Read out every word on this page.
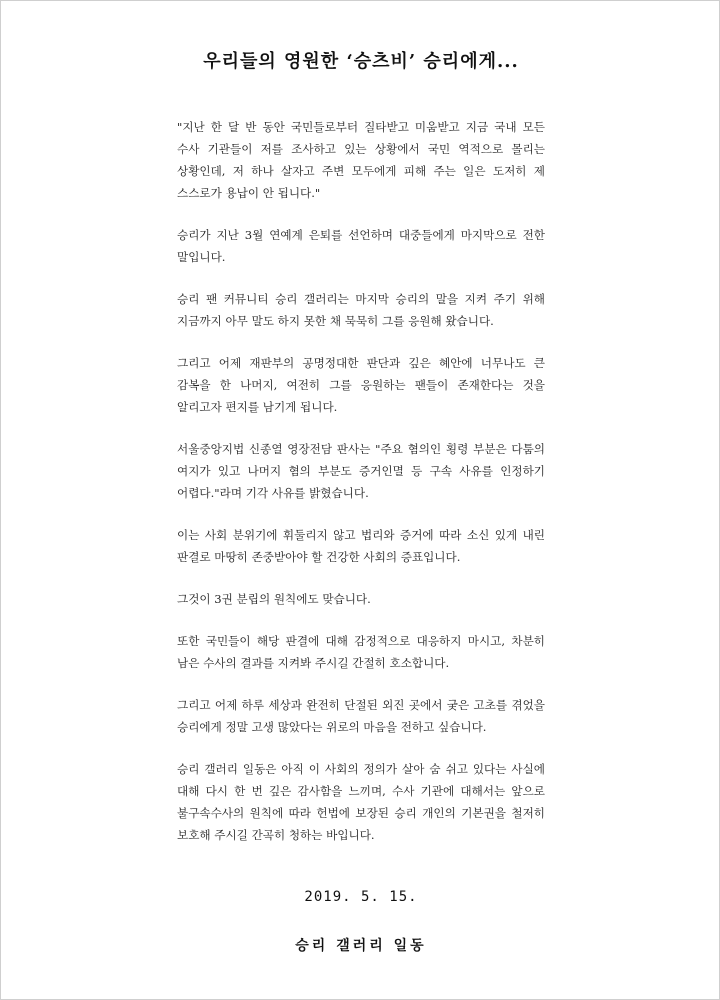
우리들의 영원한 ‘승츠비’ 승리에게...

"지난 한 달 반 동안 국민들로부터 질타받고 미움받고 지금 국내 모든 수사 기관들이 저를 조사하고 있는 상황에서 국민 역적으로 몰리는 상황인데, 저 하나 살자고 주변 모두에게 피해 주는 일은 도저히 제 스스로가 용납이 안 됩니다."

승리가 지난 3월 연예계 은퇴를 선언하며 대중들에게 마지막으로 전한 말입니다.

승리 팬 커뮤니티 승리 갤러리는 마지막 승리의 말을 지켜 주기 위해 지금까지 아무 말도 하지 못한 채 묵묵히 그를 응원해 왔습니다.

그리고 어제 재판부의 공명정대한 판단과 깊은 혜안에 너무나도 큰 감복을 한 나머지, 여전히 그를 응원하는 팬들이 존재한다는 것을 알리고자 편지를 남기게 됩니다.

서울중앙지법 신종열 영장전담 판사는 "주요 혐의인 횡령 부분은 다툼의 여지가 있고 나머지 혐의 부분도 증거인멸 등 구속 사유를 인정하기 어렵다."라며 기각 사유를 밝혔습니다.

이는 사회 분위기에 휘둘리지 않고 법리와 증거에 따라 소신 있게 내린 판결로 마땅히 존중받아야 할 건강한 사회의 증표입니다.

그것이 3권 분립의 원칙에도 맞습니다.

또한 국민들이 해당 판결에 대해 감정적으로 대응하지 마시고, 차분히 남은 수사의 결과를 지켜봐 주시길 간절히 호소합니다.

그리고 어제 하루 세상과 완전히 단절된 외진 곳에서 궂은 고초를 겪었을 승리에게 정말 고생 많았다는 위로의 마음을 전하고 싶습니다.

승리 갤러리 일동은 아직 이 사회의 정의가 살아 숨 쉬고 있다는 사실에 대해 다시 한 번 깊은 감사함을 느끼며, 수사 기관에 대해서는 앞으로 불구속수사의 원칙에 따라 헌법에 보장된 승리 개인의 기본권을 철저히 보호해 주시길 간곡히 청하는 바입니다.

2019. 5. 15.
승리 갤러리 일동
